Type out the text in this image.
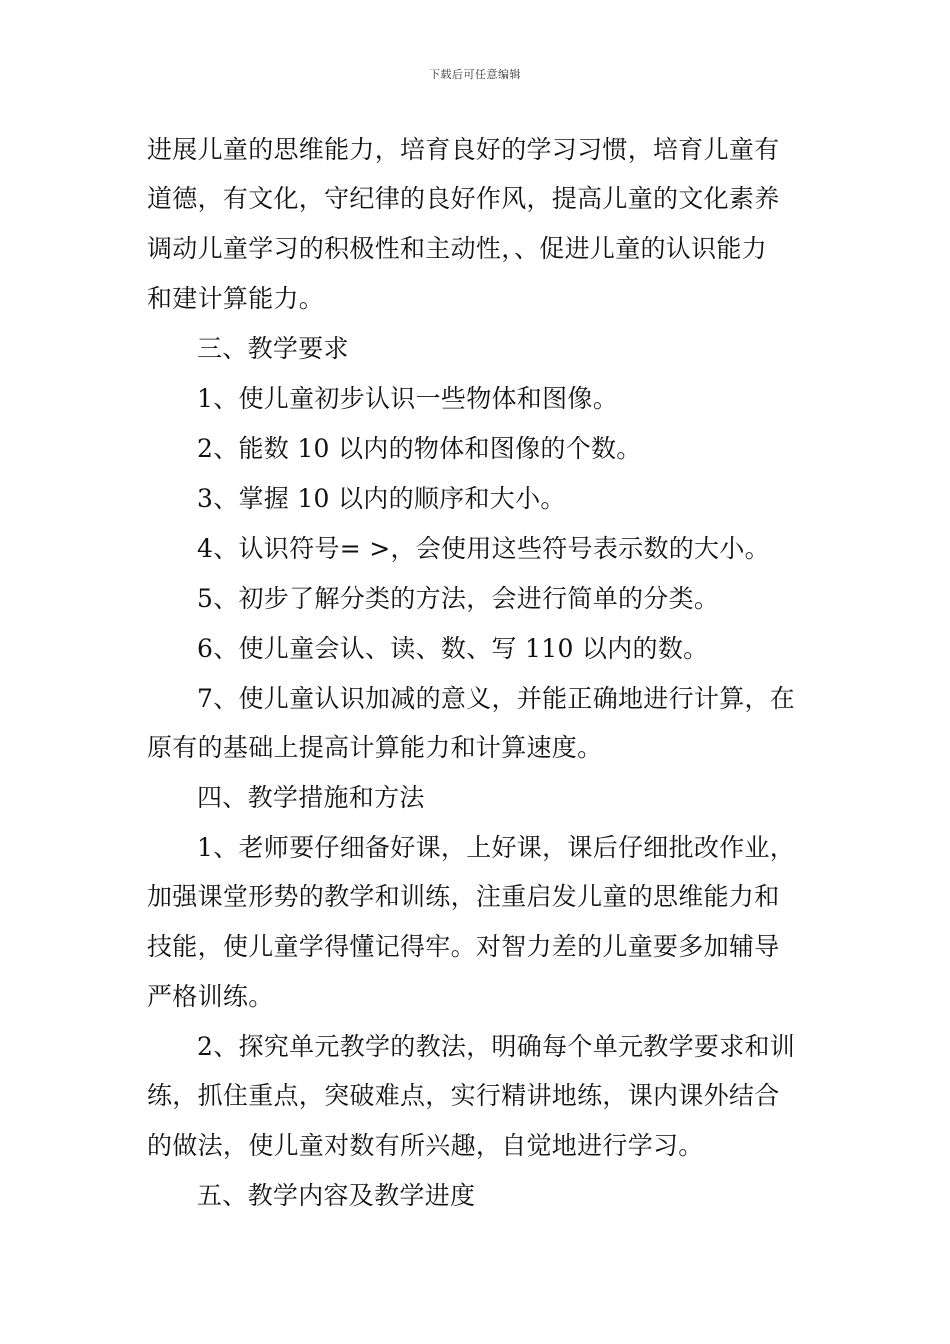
下载后可任意编辑
进展儿童的思维能力，培育良好的学习习惯，培育儿童有
道德，有文化，守纪律的良好作风，提高儿童的文化素养
调动儿童学习的积极性和主动性，、促进儿童的认识能力
和建计算能力。
三、教学要求
1、使儿童初步认识一些物体和图像。
2、能数 10 以内的物体和图像的个数。
3、掌握 10 以内的顺序和大小。
4、认识符号= >，会使用这些符号表示数的大小。
5、初步了解分类的方法，会进行简单的分类。
6、使儿童会认、读、数、写 110 以内的数。
7、使儿童认识加减的意义，并能正确地进行计算，在
原有的基础上提高计算能力和计算速度。
四、教学措施和方法
1、老师要仔细备好课，上好课，课后仔细批改作业，
加强课堂形势的教学和训练，注重启发儿童的思维能力和
技能，使儿童学得懂记得牢。对智力差的儿童要多加辅导
严格训练。
2、探究单元教学的教法，明确每个单元教学要求和训
练，抓住重点，突破难点，实行精讲地练，课内课外结合
的做法，使儿童对数有所兴趣，自觉地进行学习。
五、教学内容及教学进度
